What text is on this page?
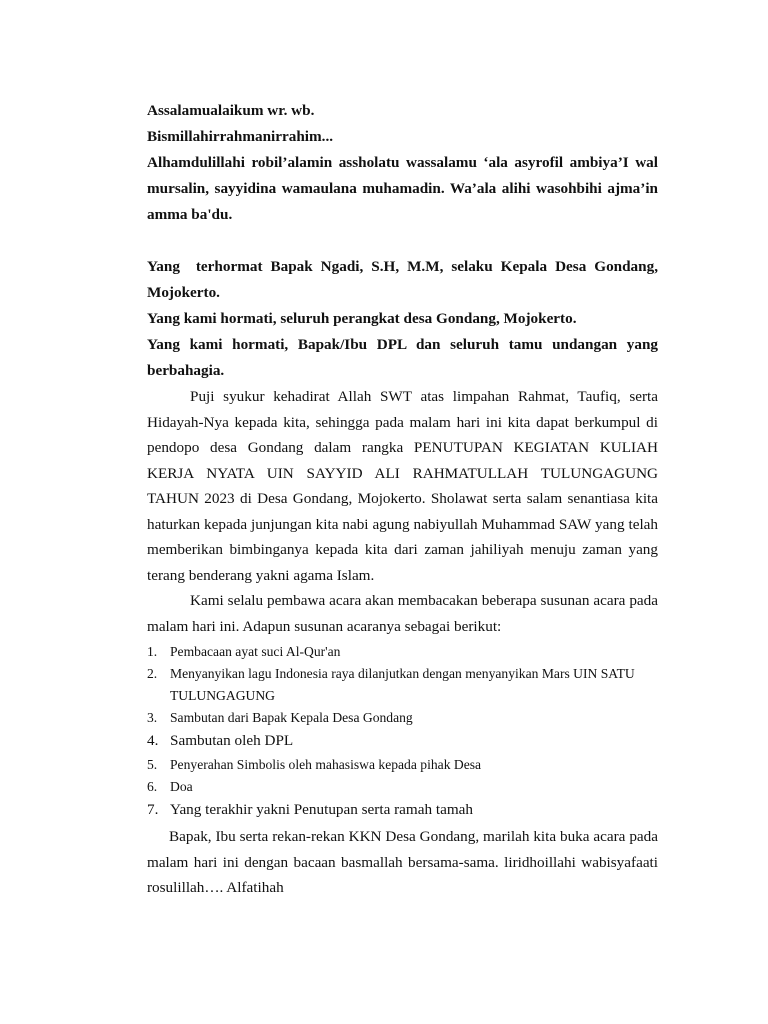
Assalamualaikum wr. wb.

Bismillahirrahmanirrahim...

Alhamdulillahi robil’alamin assholatu wassalamu ‘ala asyrofil ambiya’I wal mursalin, sayyidina wamaulana muhamadin. Wa’ala alihi wasohbihi ajma’in amma ba'du.

Yang  terhormat Bapak Ngadi, S.H, M.M, selaku Kepala Desa Gondang, Mojokerto.

Yang kami hormati, seluruh perangkat desa Gondang, Mojokerto.

Yang kami hormati, Bapak/Ibu DPL dan seluruh tamu undangan yang berbahagia.

Puji syukur kehadirat Allah SWT atas limpahan Rahmat, Taufiq, serta Hidayah-Nya kepada kita, sehingga pada malam hari ini kita dapat berkumpul di pendopo desa Gondang dalam rangka PENUTUPAN KEGIATAN KULIAH KERJA NYATA UIN SAYYID ALI RAHMATULLAH TULUNGAGUNG TAHUN 2023 di Desa Gondang, Mojokerto. Sholawat serta salam senantiasa kita haturkan kepada junjungan kita nabi agung nabiyullah Muhammad SAW yang telah memberikan bimbinganya kepada kita dari zaman jahiliyah menuju zaman yang terang benderang yakni agama Islam.

Kami selalu pembawa acara akan membacakan beberapa susunan acara pada malam hari ini. Adapun susunan acaranya sebagai berikut:

1. Pembacaan ayat suci Al-Qur'an
2. Menyanyikan lagu Indonesia raya dilanjutkan dengan menyanyikan Mars UIN SATU TULUNGAGUNG
3. Sambutan dari Bapak Kepala Desa Gondang
4. Sambutan oleh DPL
5. Penyerahan Simbolis oleh mahasiswa kepada pihak Desa
6. Doa
7. Yang terakhir yakni Penutupan serta ramah tamah

Bapak, Ibu serta rekan-rekan KKN Desa Gondang, marilah kita buka acara pada malam hari ini dengan bacaan basmallah bersama-sama. liridhoillahi wabisyafaati rosulillah…. Alfatihah
